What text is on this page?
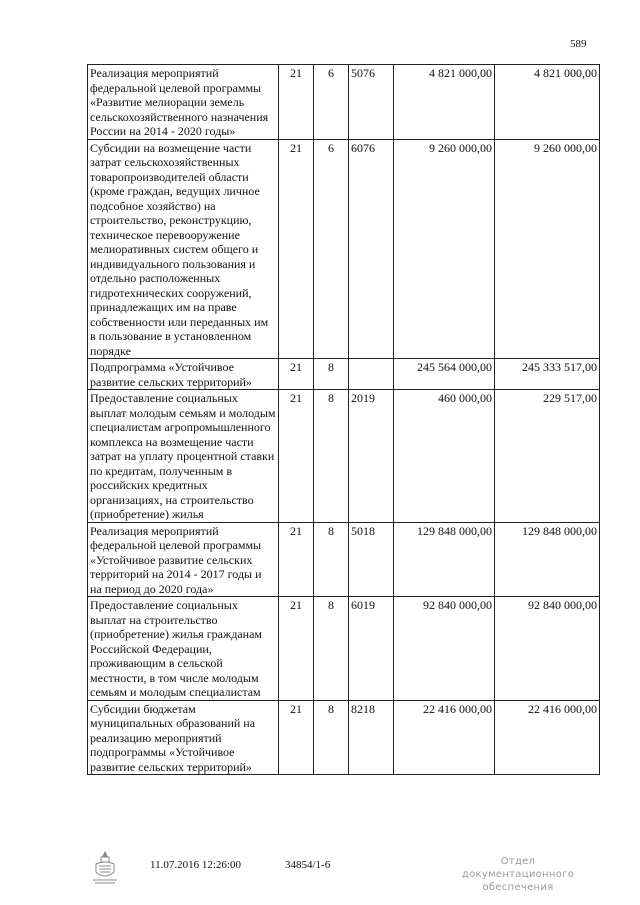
589
Реализация мероприятий федеральной целевой программы «Развитие мелиорации земель сельскохозяйственного назначения России на 2014 - 2020 годы»	21	6	5076	4 821 000,00	4 821 000,00
Субсидии на возмещение части затрат сельскохозяйственных товаропроизводителей области (кроме граждан, ведущих личное подсобное хозяйство) на строительство, реконструкцию, техническое перевооружение мелиоративных систем общего и индивидуального пользования и отдельно расположенных гидротехнических сооружений, принадлежащих им на праве собственности или переданных им в пользование в установленном порядке	21	6	6076	9 260 000,00	9 260 000,00
Подпрограмма «Устойчивое развитие сельских территорий»	21	8		245 564 000,00	245 333 517,00
Предоставление социальных выплат молодым семьям и молодым специалистам агропромышленного комплекса на возмещение части затрат на уплату процентной ставки по кредитам, полученным в российских кредитных организациях, на строительство (приобретение) жилья	21	8	2019	460 000,00	229 517,00
Реализация мероприятий федеральной целевой программы «Устойчивое развитие сельских территорий на 2014 - 2017 годы и на период до 2020 года»	21	8	5018	129 848 000,00	129 848 000,00
Предоставление социальных выплат на строительство (приобретение) жилья гражданам Российской Федерации, проживающим в сельской местности, в том числе молодым семьям и молодым специалистам	21	8	6019	92 840 000,00	92 840 000,00
Субсидии бюджетам муниципальных образований на реализацию мероприятий подпрограммы «Устойчивое развитие сельских территорий»	21	8	8218	22 416 000,00	22 416 000,00
11.07.2016 12:26:00	34854/1-6	Отдел документационного
обеспечения
